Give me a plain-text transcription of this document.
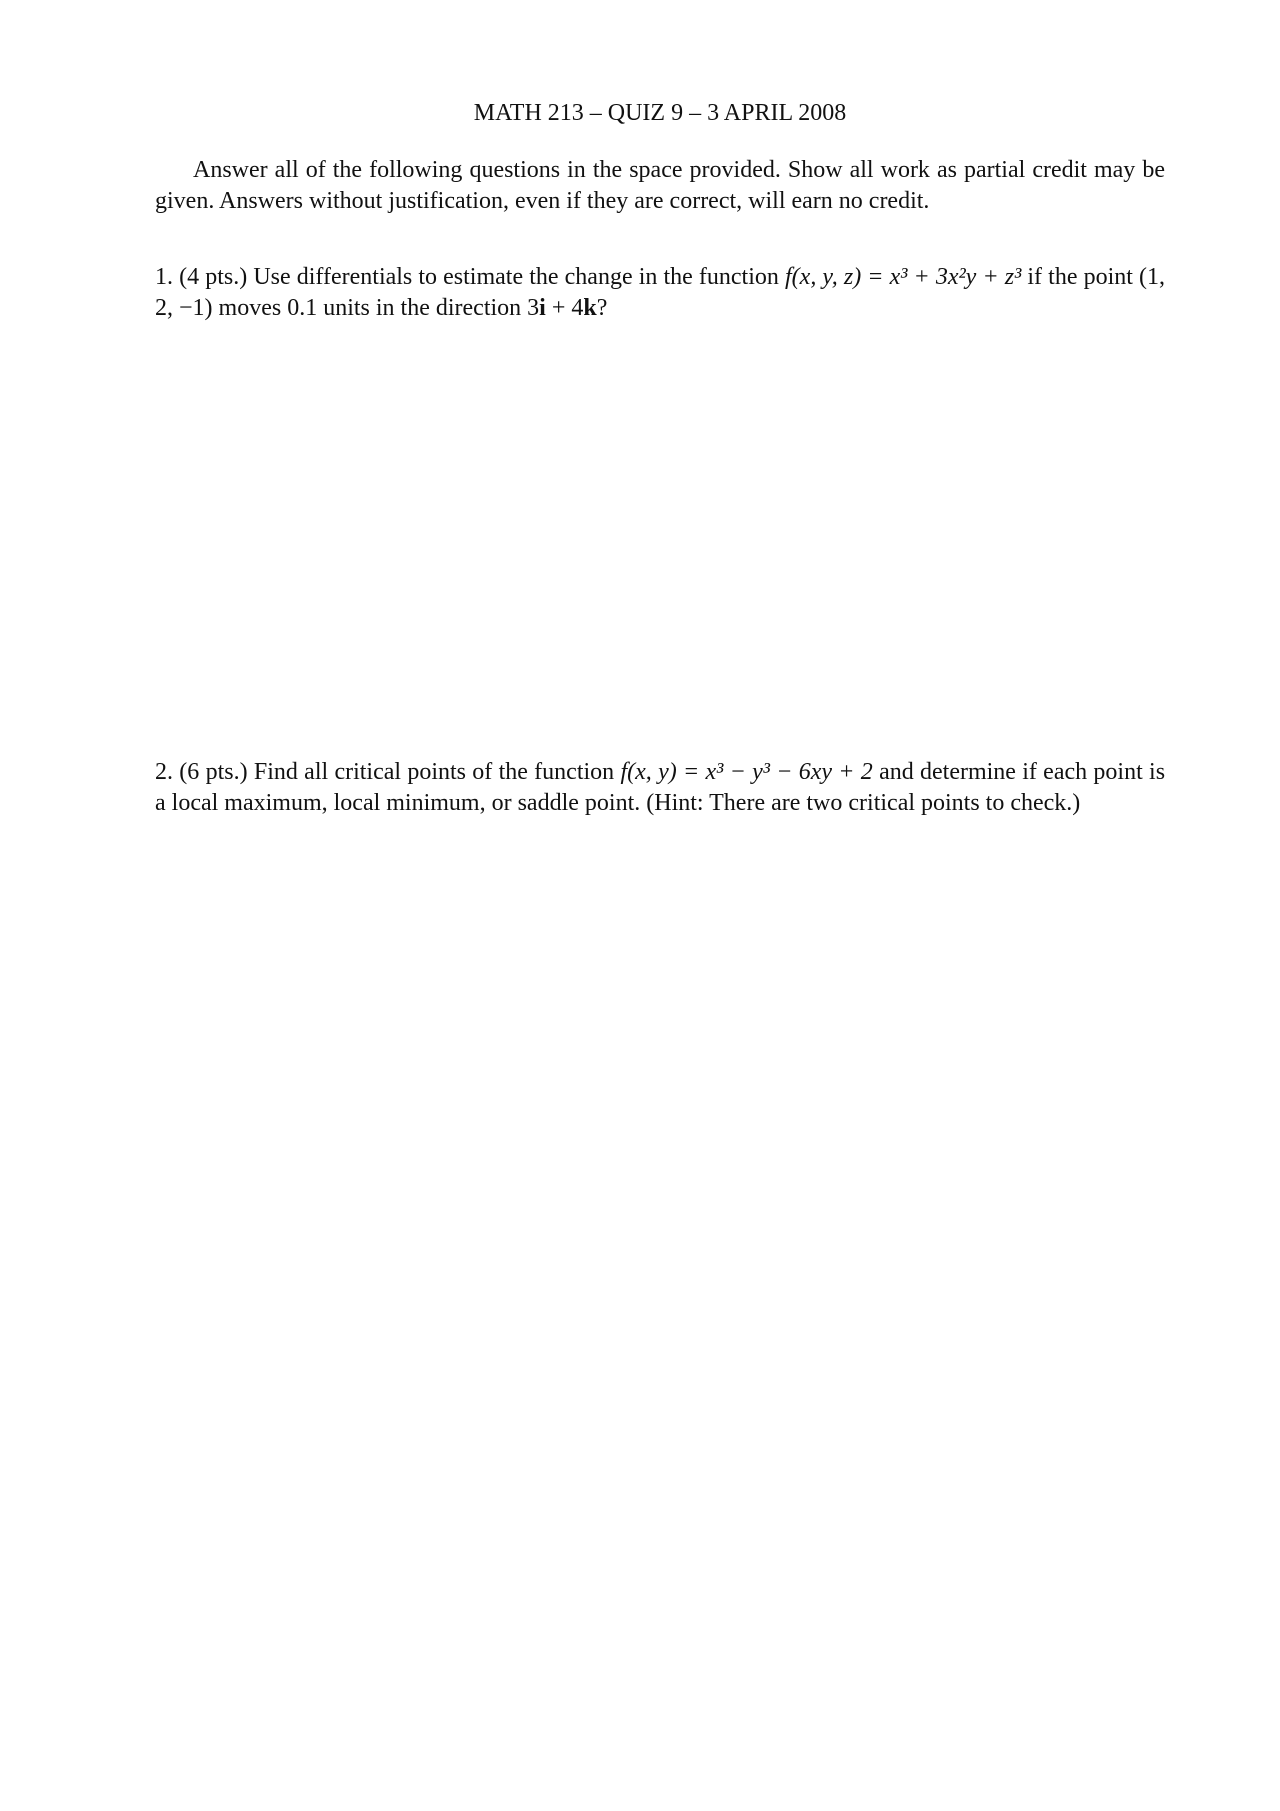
MATH 213 – QUIZ 9 – 3 APRIL 2008
Answer all of the following questions in the space provided. Show all work as partial credit may be given. Answers without justification, even if they are correct, will earn no credit.
1. (4 pts.) Use differentials to estimate the change in the function f(x, y, z) = x³ + 3x²y + z³ if the point (1, 2, −1) moves 0.1 units in the direction 3i + 4k?
2. (6 pts.) Find all critical points of the function f(x, y) = x³ − y³ − 6xy + 2 and determine if each point is a local maximum, local minimum, or saddle point. (Hint: There are two critical points to check.)
